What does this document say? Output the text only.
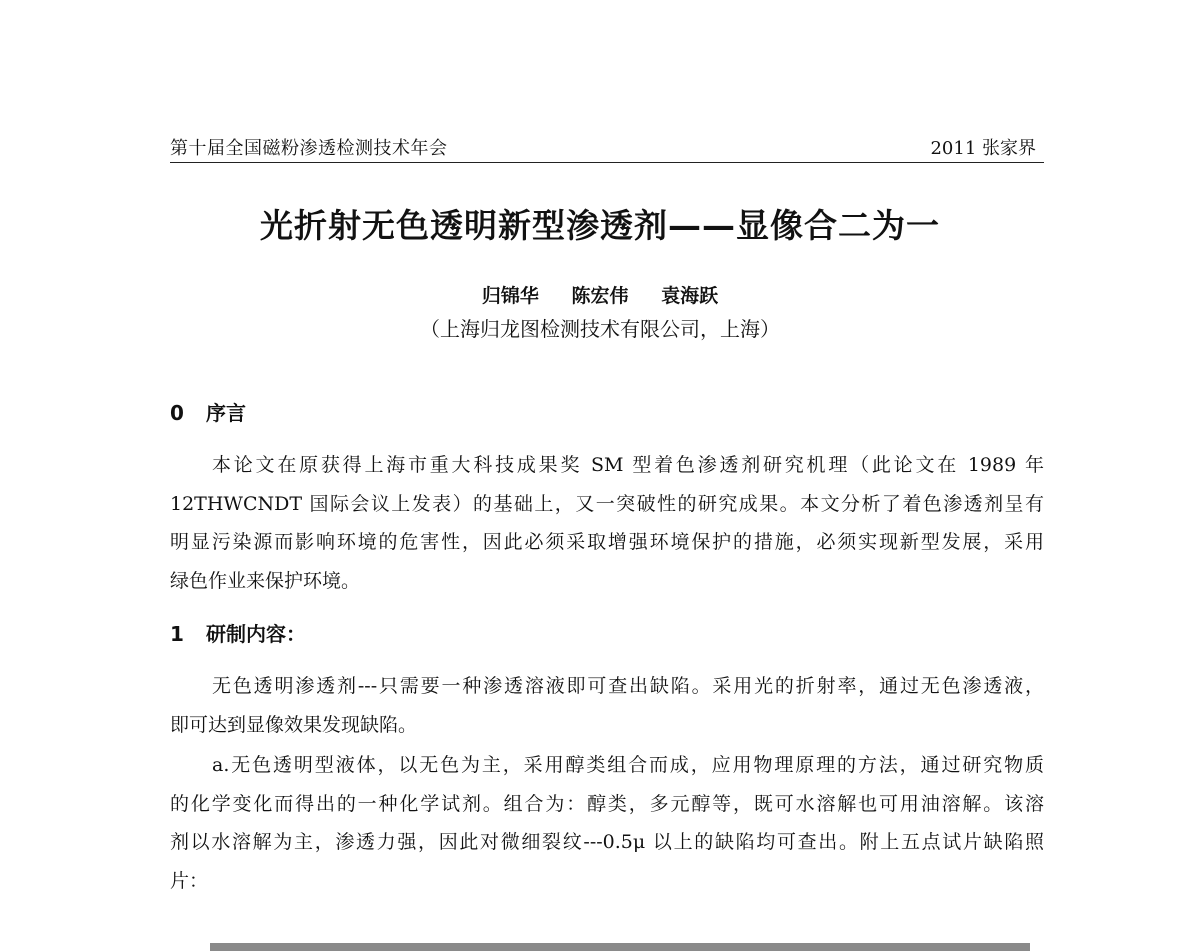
第十届全国磁粉渗透检测技术年会	2011 张家界
光折射无色透明新型渗透剂——显像合二为一
归锦华 陈宏伟 袁海跃
（上海归龙图检测技术有限公司，上海）
0 序言
本论文在原获得上海市重大科技成果奖 SM 型着色渗透剂研究机理（此论文在 1989 年
12THWCNDT 国际会议上发表）的基础上，又一突破性的研究成果。本文分析了着色渗透剂呈有
明显污染源而影响环境的危害性，因此必须采取增强环境保护的措施，必须实现新型发展，采用
绿色作业来保护环境。
1 研制内容：
无色透明渗透剂---只需要一种渗透溶液即可查出缺陷。采用光的折射率，通过无色渗透液，
即可达到显像效果发现缺陷。
a.无色透明型液体，以无色为主，采用醇类组合而成，应用物理原理的方法，通过研究物质
的化学变化而得出的一种化学试剂。组合为：醇类，多元醇等，既可水溶解也可用油溶解。该溶
剂以水溶解为主，渗透力强，因此对微细裂纹---0.5μ 以上的缺陷均可查出。附上五点试片缺陷照
片：
